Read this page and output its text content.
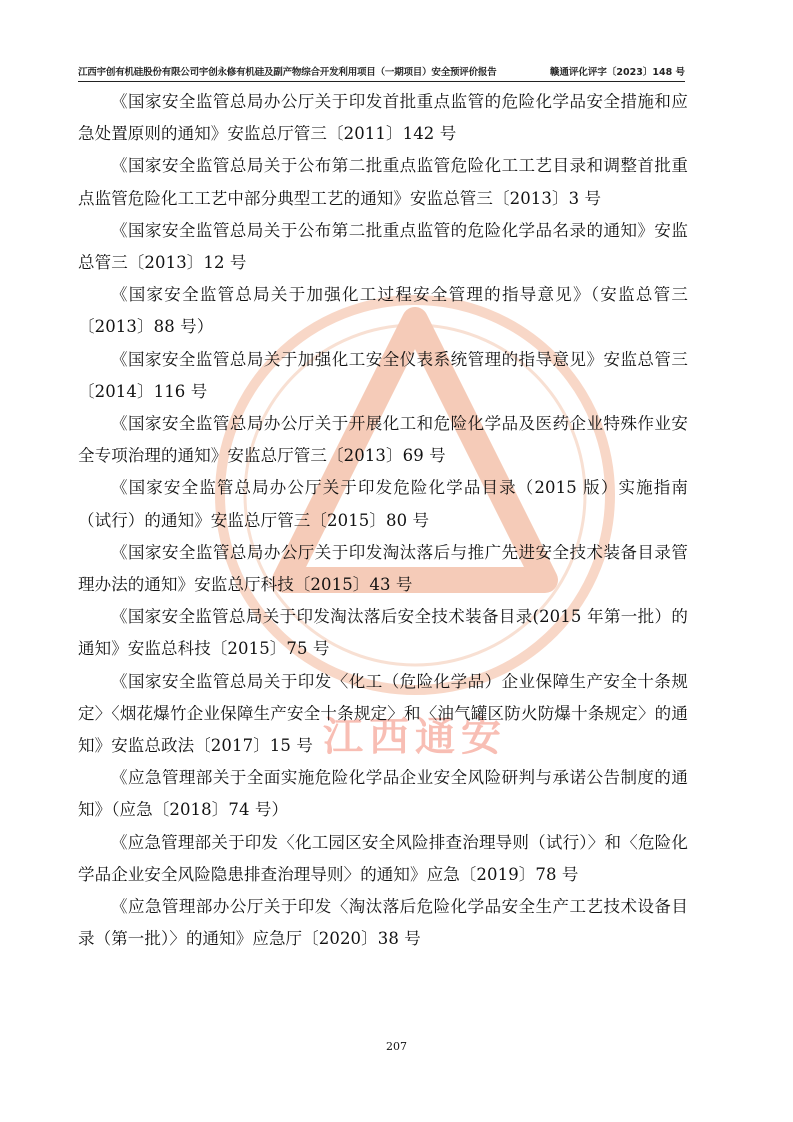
江西宇创有机硅股份有限公司宇创永修有机硅及副产物综合开发利用项目（一期项目）安全预评价报告	赣通评化评字〔2023〕148 号
江西通安

《国家安全监管总局办公厅关于印发首批重点监管的危险化学品安全措施和应急处置原则的通知》安监总厅管三〔2011〕142 号

《国家安全监管总局关于公布第二批重点监管危险化工工艺目录和调整首批重点监管危险化工工艺中部分典型工艺的通知》安监总管三〔2013〕3 号

《国家安全监管总局关于公布第二批重点监管的危险化学品名录的通知》安监总管三〔2013〕12 号

《国家安全监管总局关于加强化工过程安全管理的指导意见》（安监总管三〔2013〕88 号）

《国家安全监管总局关于加强化工安全仪表系统管理的指导意见》安监总管三〔2014〕116 号

《国家安全监管总局办公厅关于开展化工和危险化学品及医药企业特殊作业安全专项治理的通知》安监总厅管三〔2013〕69 号

《国家安全监管总局办公厅关于印发危险化学品目录（2015 版）实施指南（试行）的通知》安监总厅管三〔2015〕80 号

《国家安全监管总局办公厅关于印发淘汰落后与推广先进安全技术装备目录管理办法的通知》安监总厅科技〔2015〕43 号

《国家安全监管总局关于印发淘汰落后安全技术装备目录(2015 年第一批）的通知》安监总科技〔2015〕75 号

《国家安全监管总局关于印发〈化工（危险化学品）企业保障生产安全十条规定〉〈烟花爆竹企业保障生产安全十条规定〉和〈油气罐区防火防爆十条规定〉的通知》安监总政法〔2017〕15 号

《应急管理部关于全面实施危险化学品企业安全风险研判与承诺公告制度的通知》（应急〔2018〕74 号）

《应急管理部关于印发〈化工园区安全风险排查治理导则（试行）〉和〈危险化学品企业安全风险隐患排查治理导则〉的通知》应急〔2019〕78 号

《应急管理部办公厅关于印发〈淘汰落后危险化学品安全生产工艺技术设备目录（第一批）〉的通知》应急厅〔2020〕38 号

207
